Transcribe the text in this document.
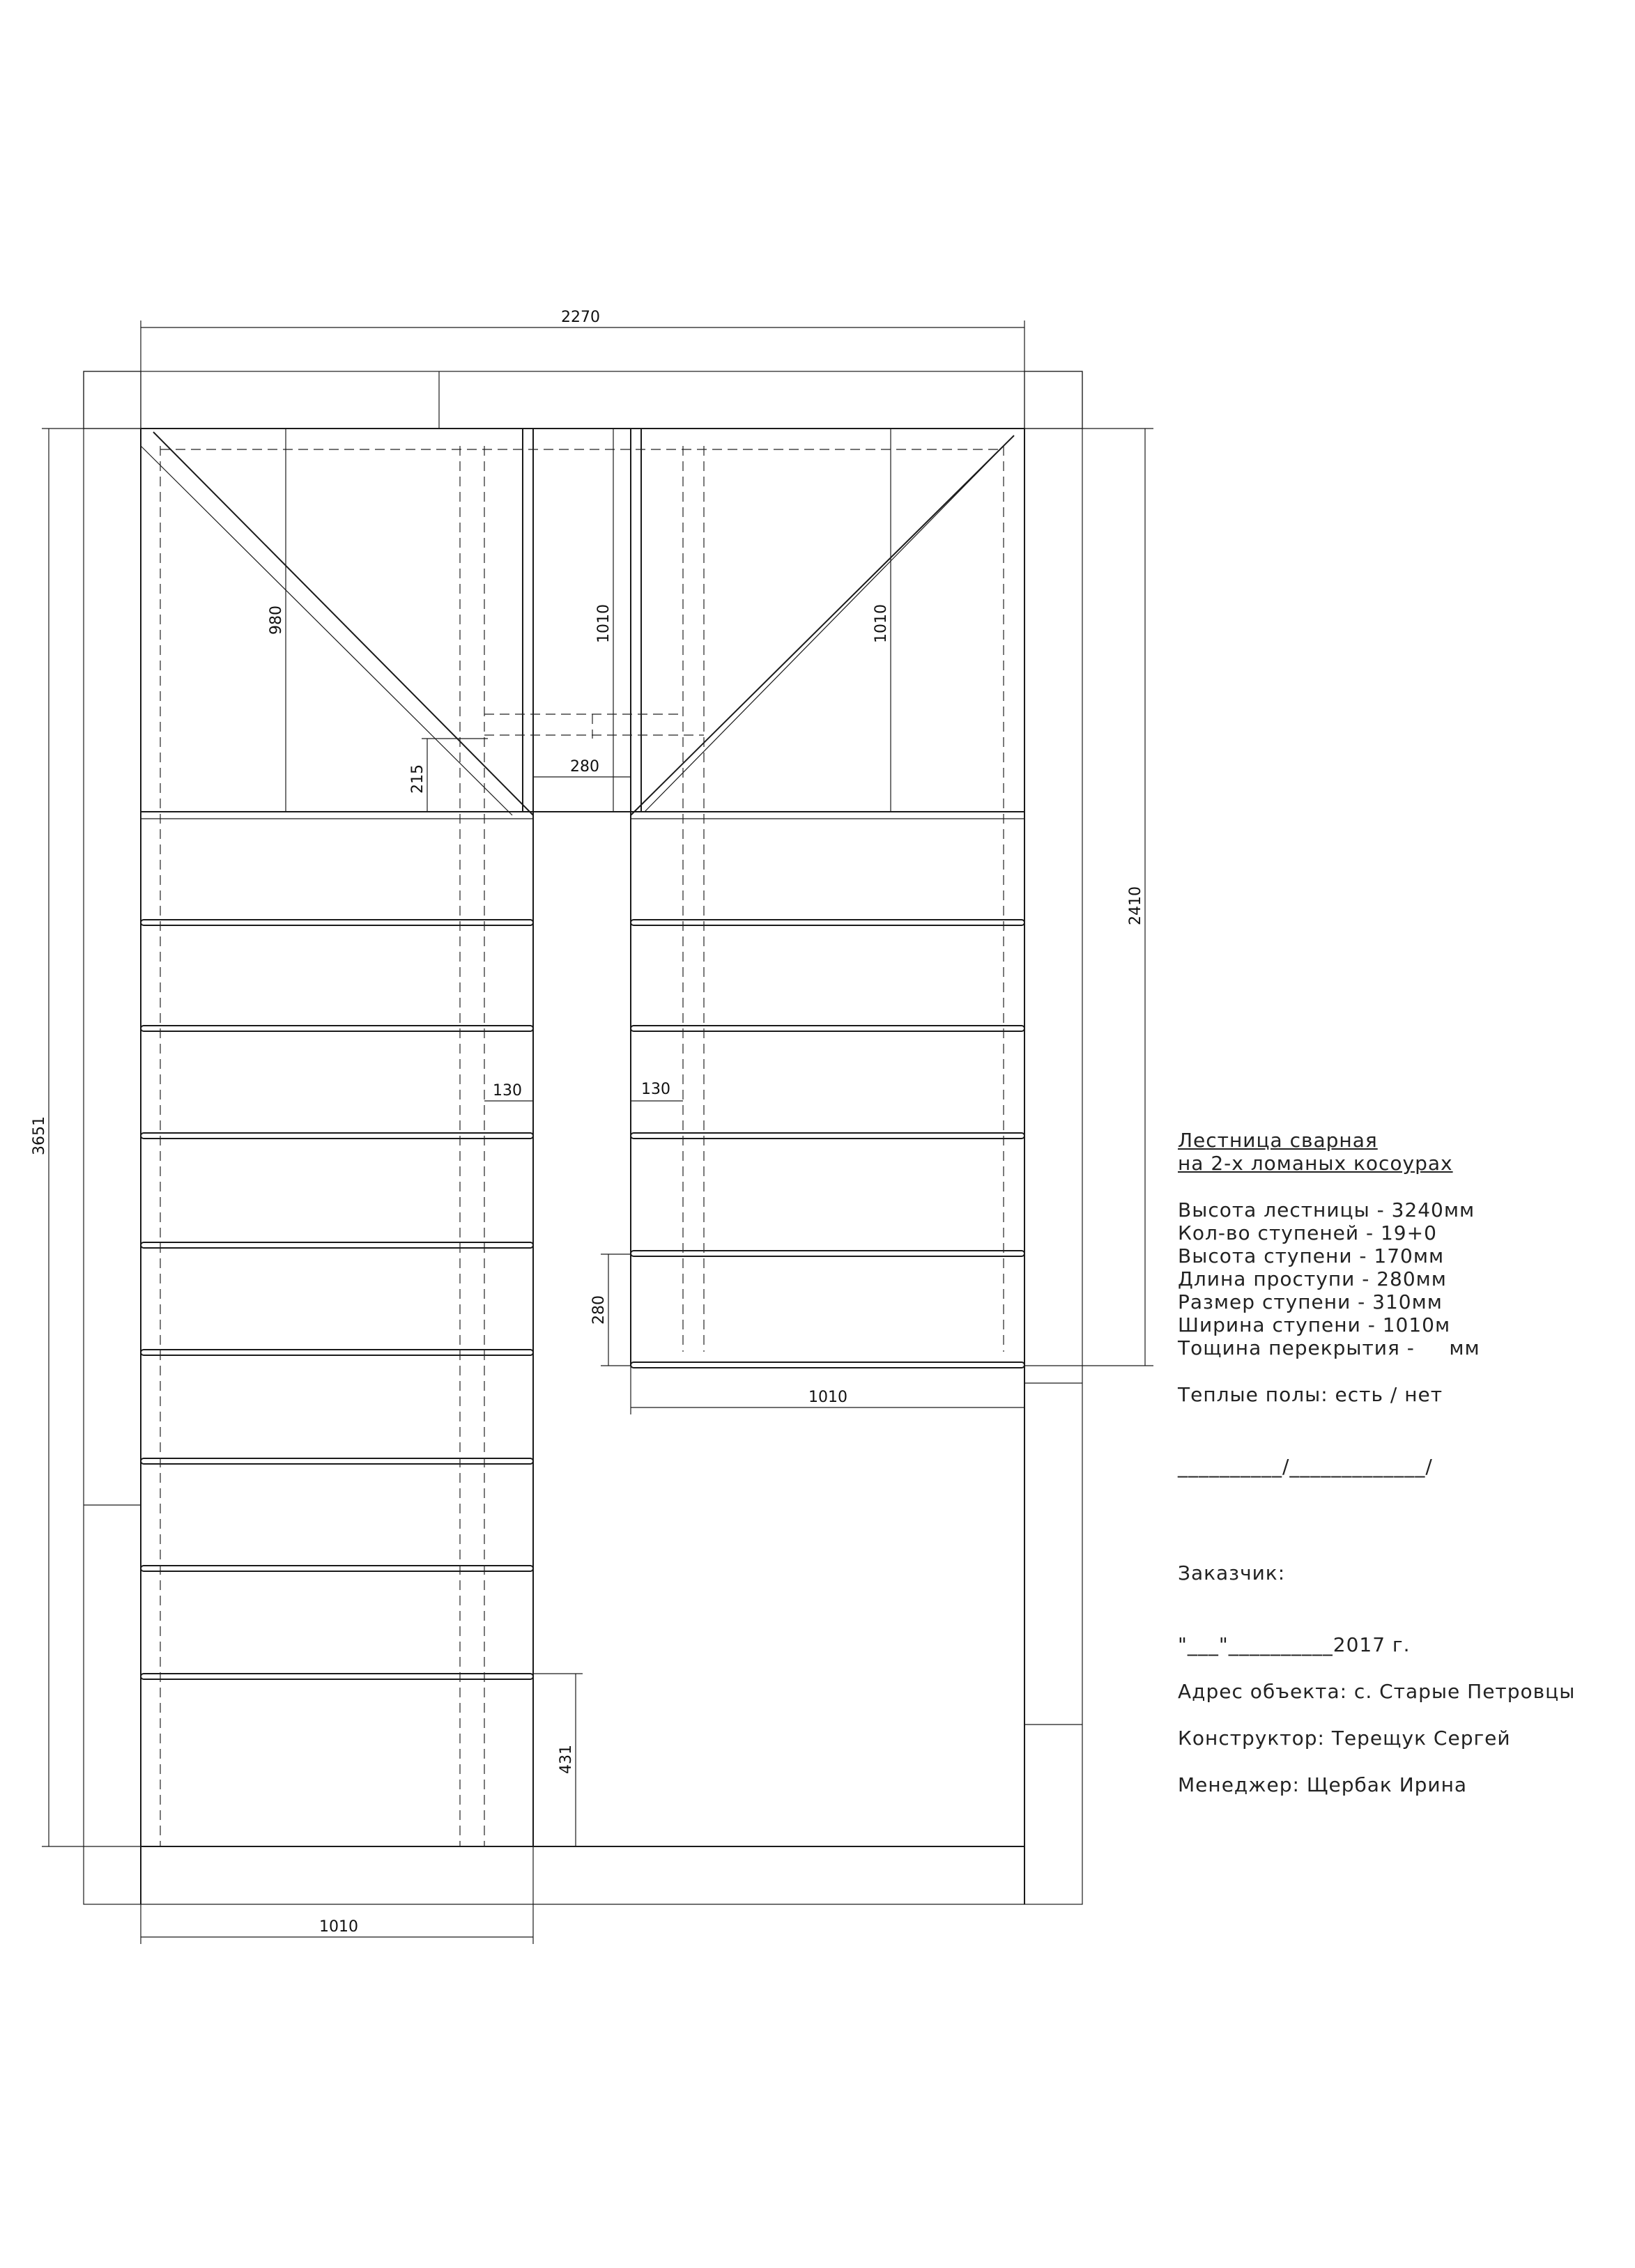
2270
3651
2410
980	1010	1010
215	280
130	130
280
1010
431
1010
Лестница сварная
на 2-х ломаных косоурах
Высота лестницы - 3240мм
Кол-во ступеней - 19+0
Высота ступени - 170мм
Длина проступи - 280мм
Размер ступени - 310мм
Ширина ступени - 1010м
Тощина перекрытия -     мм
Теплые полы: есть / нет
__________/_____________/
Заказчик:
"___"__________2017 г.
Адрес объекта: с. Старые Петровцы
Конструктор: Терещук Сергей
Менеджер: Щербак Ирина
